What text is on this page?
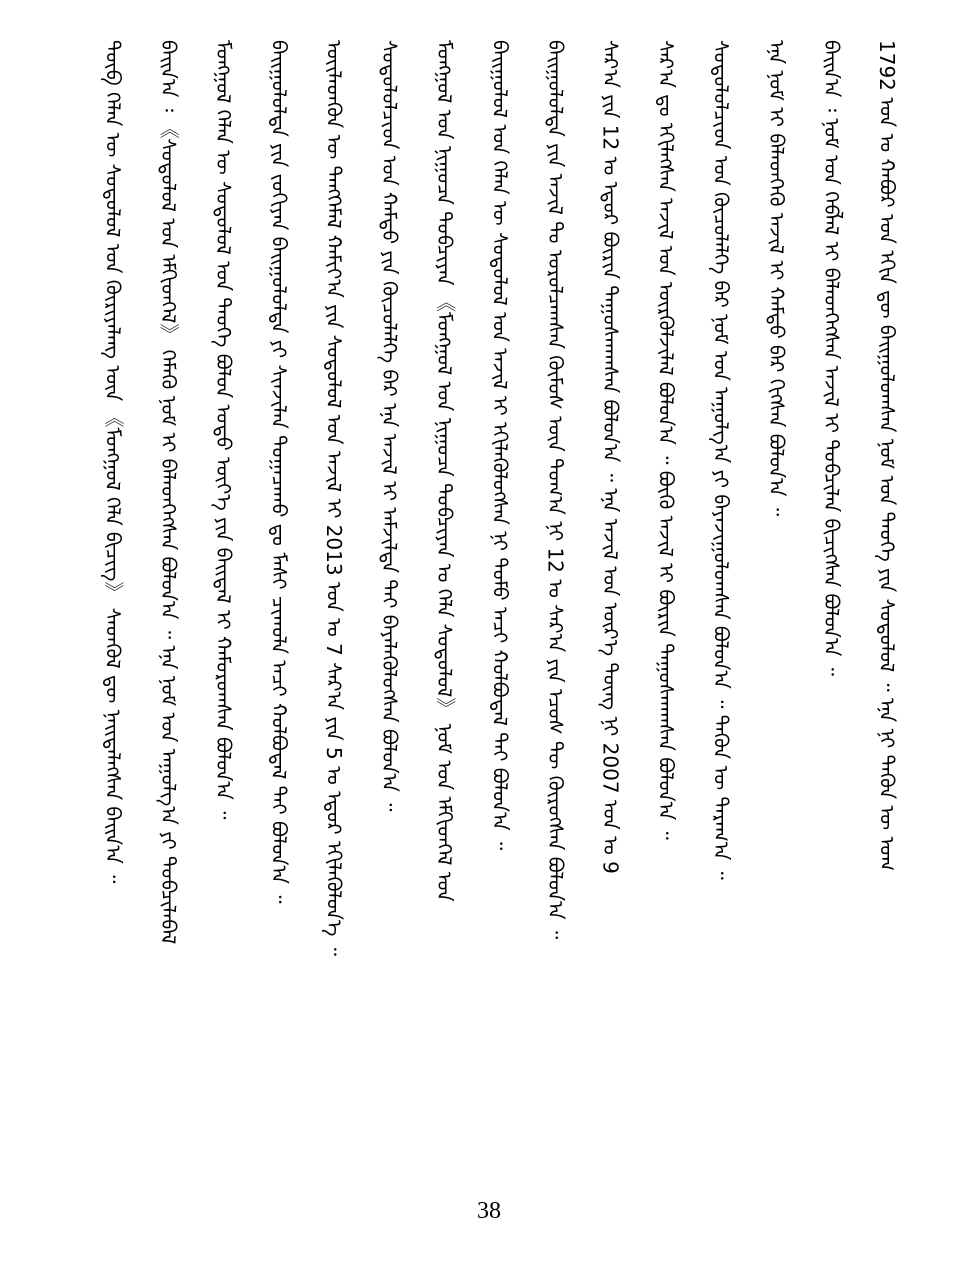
ᠲᠦᠪ ᠬᠡᠯᠡᠨ ᠦ ᠰᠤᠳᠤᠯᠤᠯ ᠤᠨ ᠬᠦᠷᠢᠶᠡᠯᠡᠩ ᠦᠨ 《ᠮᠣᠩᠭᠤᠯ ᠬᠡᠯᠡ ᠪᠢᠴᠢᠭ》 ᠰᠡᠳᠬᠦᠯ ᠳᠦ ᠨᠡᠢᠲᠡᠯᠡᠭᠰᠡᠨ ᠪᠠᠢᠨ᠎ᠠ ᠃ ᠪᠠᠢᠨ᠎ᠠ ᠄ 《ᠰᠤᠳᠤᠯᠤᠯ ᠤᠨ ᠡᠮᠬᠢᠳᠬᠡᠯ》 ᠬᠡᠮᠡᠬᠦ ᠨᠣᠮ ᠢ ᠪᠡᠯᠡᠳᠬᠡᠭᠰᠡᠨ ᠪᠣᠯᠤᠨ᠎ᠠ ᠃ ᠡᠨᠡ ᠨᠣᠮ ᠤᠨ ᠠᠭᠤᠯᠭ᠎ᠠ ᠶᠢ ᠲᠣᠪᠴᠢᠯᠠᠪᠠᠯ ᠮᠣᠩᠭᠤᠯ ᠬᠡᠯᠡᠨ ᠦ ᠰᠤᠳᠤᠯᠤᠯ ᠤᠨ ᠲᠡᠦᠬᠡ ᠪᠣᠯᠤᠨ ᠣᠳᠣ ᠦᠶ᠎ᠡ ᠶᠢᠨ ᠪᠠᠢᠳᠠᠯ ᠢ ᠬᠠᠮᠤᠷᠤᠭᠰᠠᠨ ᠪᠣᠯᠤᠨ᠎ᠠ ᠃ ᠪᠠᠢᠭᠤᠯᠤᠯᠲᠠ ᠶᠢᠨ ᠵᠣᠬᠢᠶᠠᠨ ᠪᠠᠢᠭᠤᠯᠤᠯᠳᠠ ᠶᠢ ᠰᠢᠨᠵᠢᠯᠡᠨ ᠲᠣᠭᠠᠴᠠᠬᠤ ᠳᠤ ᠮᠠᠰᠢ ᠴᠢᠬᠤᠯᠠ ᠠᠴᠢ ᠬᠣᠯᠪᠣᠳᠠᠯ ᠲᠠᠢ ᠪᠣᠯᠤᠨ᠎ᠠ ᠃ ᠦᠢᠯᠡᠳᠬᠦᠨ ᠦ ᠲᠡᠩᠭᠡᠮᠡᠯ ᠬᠠᠮᠢᠶ᠎ᠠ ᠶᠢᠨ ᠰᠤᠳᠤᠯᠤᠯ ᠤᠨ ᠠᠵᠢᠯ ᠢ 2013 ᠣᠨ ᠤ 7 ᠰᠠᠷ᠎ᠠ ᠶᠢᠨ 5 ᠤ ᠡᠳᠦᠷ ᠡᠬᠢᠯᠡᠭᠦᠯᠦᠨ᠎ᠡ ᠃ ᠰᠤᠳᠤᠯᠤᠯᠴᠢᠳ ᠤᠨ ᠬᠠᠮᠲᠤ ᠶᠢᠨ ᠬᠦᠴᠦᠯᠡᠯᠭᠡ ᠪᠡᠷ ᠡᠨᠡ ᠠᠵᠢᠯ ᠢ ᠠᠮᠵᠢᠯᠲᠠ ᠲᠠᠢ ᠪᠡᠶᠡᠯᠡᠭᠦᠯᠦᠭᠰᠡᠨ ᠪᠣᠯᠤᠨ᠎ᠠ ᠃ ᠮᠣᠩᠭᠤᠯ ᠤᠨ ᠨᠢᠭᠤᠴᠠ ᠲᠣᠪᠴᠢᠶᠠᠨ 《ᠮᠣᠩᠭᠤᠯ ᠤᠨ ᠨᠢᠭᠤᠴᠠ ᠲᠣᠪᠴᠢᠶᠠᠨ ᠤ ᠬᠡᠯᠡ ᠰᠤᠳᠤᠯᠤᠯ》 ᠨᠣᠮ ᠤᠨ ᠡᠮᠬᠢᠳᠬᠡᠯ ᠤᠨ ᠪᠠᠢᠭᠤᠯᠤᠯ ᠤᠨ ᠬᠡᠯᠡᠨ ᠦ ᠰᠤᠳᠤᠯᠤᠯ ᠤᠨ ᠠᠵᠢᠯ ᠢ ᠡᠬᠢᠯᠡᠭᠦᠯᠦᠭᠰᠡᠨ ᠨᠢ ᠲᠣᠮᠣ ᠠᠴᠢ ᠬᠣᠯᠪᠣᠳᠠᠯ ᠲᠠᠢ ᠪᠣᠯᠤᠨ᠎ᠠ ᠃ ᠪᠠᠢᠭᠤᠯᠤᠯᠲᠠ ᠶᠢᠨ ᠠᠵᠢᠯ ᠲᠤ ᠣᠷᠣᠯᠴᠠᠭᠰᠠᠨ ᠬᠦᠮᠦᠰ ᠦᠨ ᠲᠣᠭ᠎ᠠ ᠨᠢ 12 ᠤ ᠰᠠᠷ᠎ᠠ ᠶᠢᠨ ᠡᠴᠦᠰ ᠲᠦ ᠬᠦᠷᠦᠭᠰᠡᠨ ᠪᠣᠯᠤᠨ᠎ᠠ ᠃ ᠰᠠᠷ᠎ᠠ ᠶᠢᠨ 12 ᠤ ᠡᠳᠦᠷ ᠪᠦᠷᠢᠨ ᠳᠠᠭᠤᠰᠬᠠᠭᠰᠠᠨ ᠪᠣᠯᠤᠨ᠎ᠠ ᠃ ᠡᠨᠡ ᠠᠵᠢᠯ ᠤᠨ ᠦᠷ᠎ᠡ ᠳᠦᠩ ᠨᠢ 2007 ᠣᠨ ᠤ 9 ᠰᠠᠷ᠎ᠠ ᠳᠤ ᠡᠬᠢᠯᠡᠭᠰᠡᠨ ᠠᠵᠢᠯ ᠤᠨ ᠦᠷᠭᠦᠯᠵᠢᠯᠡᠯ ᠪᠣᠯᠤᠨ᠎ᠠ ᠃ ᠪᠦᠬᠦ ᠠᠵᠢᠯ ᠢ ᠪᠦᠷᠢᠨ ᠳᠠᠭᠤᠰᠬᠠᠭᠰᠠᠨ ᠪᠣᠯᠤᠨ᠎ᠠ ᠃ ᠰᠤᠳᠤᠯᠤᠯᠴᠢᠳ ᠤᠨ ᠬᠦᠴᠦᠯᠡᠯᠭᠡ ᠪᠡᠷ ᠨᠣᠮ ᠤᠨ ᠠᠭᠤᠯᠭ᠎ᠠ ᠶᠢ ᠪᠠᠶᠠᠵᠢᠭᠤᠯᠤᠭᠰᠠᠨ ᠪᠣᠯᠤᠨ᠎ᠠ ᠃ ᠲᠡᠭᠦᠨ ᠦ ᠳᠠᠷᠠᠭ᠎ᠠ ᠃ ᠡᠨᠡ ᠨᠣᠮ ᠢ ᠪᠡᠯᠡᠳᠬᠡᠬᠦ ᠠᠵᠢᠯ ᠢ ᠬᠠᠮᠲᠤ ᠪᠡᠷ ᠬᠢᠭᠰᠡᠨ ᠪᠣᠯᠤᠨ᠎ᠠ ᠃ ᠪᠠᠢᠨ᠎ᠠ ᠄ ᠨᠣᠮ ᠤᠨ ᠬᠡᠪᠯᠡᠯ ᠢ ᠪᠡᠯᠡᠳᠬᠡᠭᠰᠡᠨ ᠠᠵᠢᠯ ᠢ ᠲᠣᠪᠴᠢᠯᠠᠨ ᠪᠢᠴᠢᠭᠰᠡᠨ ᠪᠣᠯᠤᠨ᠎ᠠ ᠃ 1792 ᠣᠨ ᠤ ᠬᠠᠪᠤᠷ ᠤᠨ ᠡᠬᠢᠨ ᠳᠦ ᠪᠠᠢᠭᠤᠯᠤᠭᠰᠠᠨ ᠨᠣᠮ ᠤᠨ ᠲᠡᠦᠬᠡ ᠶᠢᠨ ᠰᠤᠳᠤᠯᠤᠯ ᠃ ᠡᠨᠡ ᠨᠢ ᠲᠡᠭᠦᠨ ᠦ ᠤᠭ
38
